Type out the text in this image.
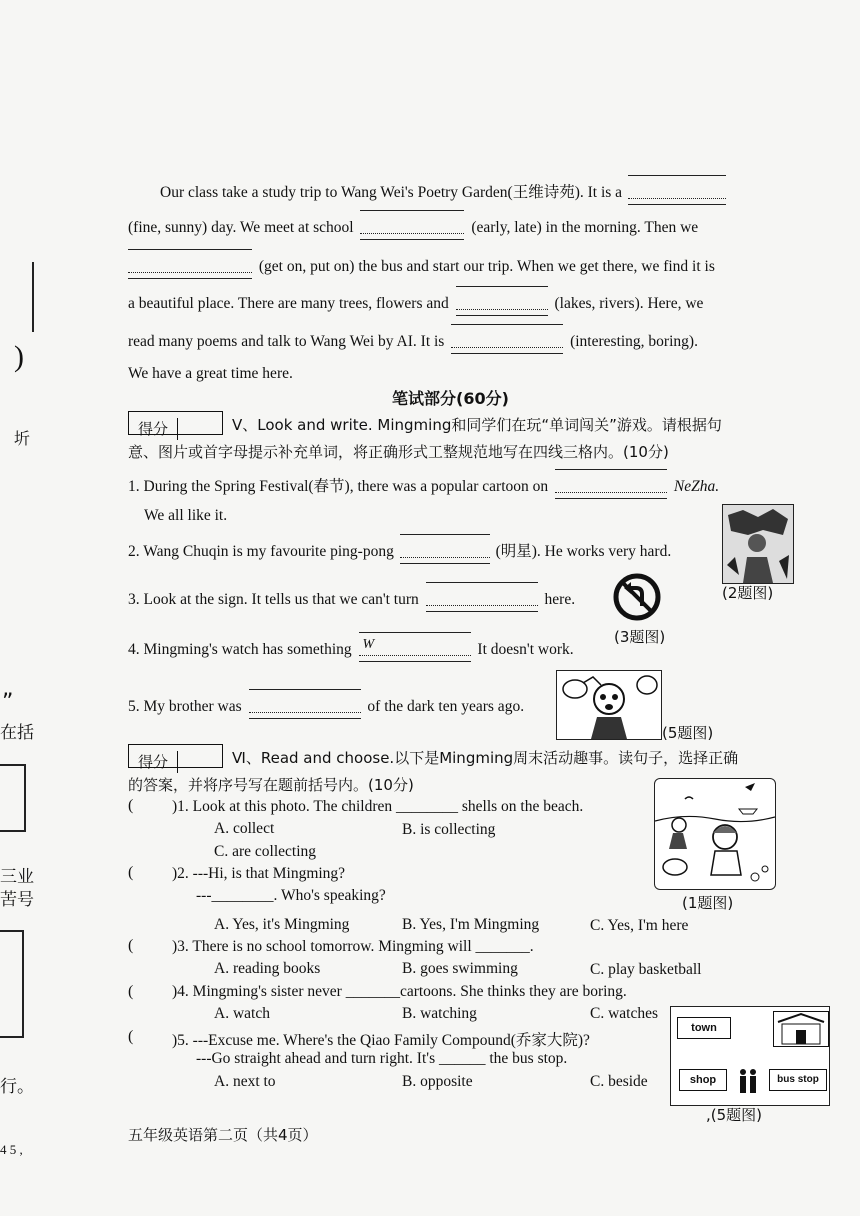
)
圻
”
在括
三业
苦号
行。
4 5 ,
Our class take a study trip to Wang Wei's Poetry Garden(王维诗苑). It is a
(fine, sunny) day. We meet at school	(early, late) in the morning. Then we
(get on, put on) the bus and start our trip. When we get there, we find it is
a beautiful place. There are many trees, flowers and	(lakes, rivers). Here, we
read many poems and talk to Wang Wei by AI. It is	(interesting, boring).
We have a great time here.
笔试部分(60分)
得分	Ⅴ、Look and write. Mingming和同学们在玩“单词闯关”游戏。请根据句
意、图片或首字母提示补充单词，将正确形式工整规范地写在四线三格内。(10分)
1. During the Spring Festival(春节), there was a popular cartoon on	NeZha.
We all like it.
2. Wang Chuqin is my favourite ping-pong	(明星). He works very hard.
(2题图)
3. Look at the sign. It tells us that we can't turn	here.
(3题图)
4. Mingming's watch has something W	It doesn't work.
5. My brother was	of the dark ten years ago.
(5题图)
得分	Ⅵ、Read and choose.以下是Mingming周末活动趣事。读句子，选择正确
的答案，并将序号写在题前括号内。(10分)
( )1. Look at this photo. The children ________ shells on the beach.
A. collect	B. is collecting
C. are collecting
(1题图)
( )2. ---Hi, is that Mingming?
---________. Who's speaking?
A. Yes, it's Mingming	B. Yes, I'm Mingming	C. Yes, I'm here
( )3. There is no school tomorrow. Mingming will _______.
A. reading books	B. goes swimming	C. play basketball
( )4. Mingming's sister never _______cartoons. She thinks they are boring.
A. watch	B. watching	C. watches
( )5. ---Excuse me. Where's the Qiao Family Compound(乔家大院)?
---Go straight ahead and turn right. It's ______ the bus stop.
A. next to	B. opposite	C. beside
town
shop	bus stop
,(5题图)
五年级英语第二页（共4页）
